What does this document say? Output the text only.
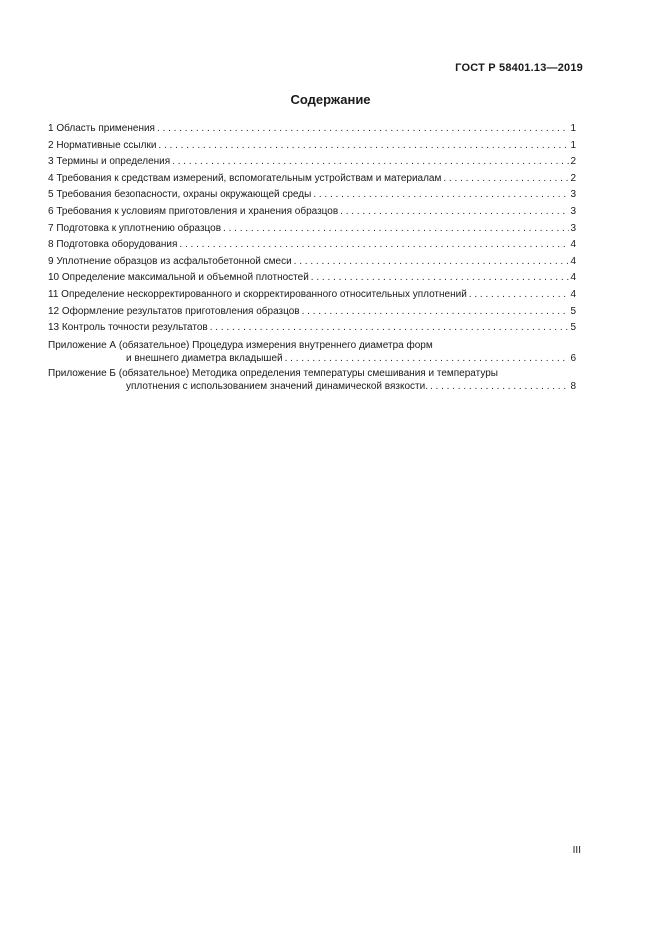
ГОСТ Р 58401.13—2019
Содержание
1 Область применения . . .	1
2 Нормативные ссылки . . .	1
3 Термины и определения . . .	2
4 Требования к средствам измерений, вспомогательным устройствам и материалам . . .	2
5 Требования безопасности, охраны окружающей среды . . .	3
6 Требования к условиям приготовления и хранения образцов . . .	3
7 Подготовка к уплотнению образцов . . .	3
8 Подготовка оборудования . . .	4
9 Уплотнение образцов из асфальтобетонной смеси . . .	4
10 Определение максимальной и объемной плотностей . . .	4
11 Определение нескорректированного и скорректированного относительных уплотнений . . .	4
12 Оформление результатов приготовления образцов . . .	5
13 Контроль точности результатов . . .	5
Приложение А (обязательное) Процедура измерения внутреннего диаметра форм
и внешнего диаметра вкладышей . . .	6
Приложение Б (обязательное) Методика определения температуры смешивания и температуры
уплотнения с использованием значений динамической вязкости. . . .	8
III
